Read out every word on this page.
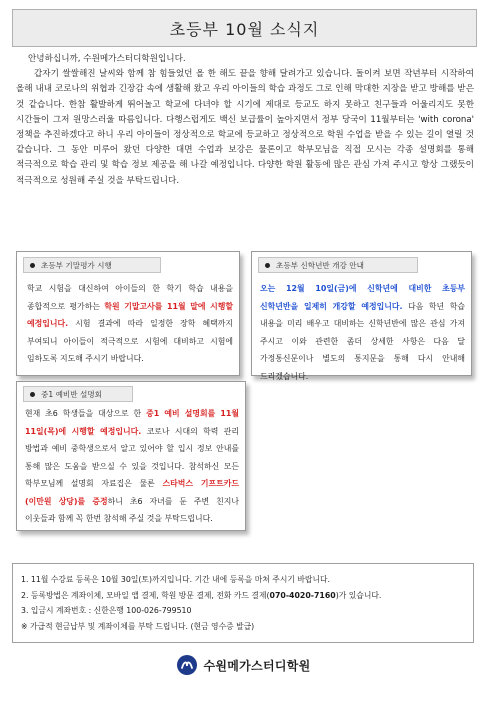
초등부 10월 소식지
안녕하십니까, 수원메가스터디학원입니다.
갑자기 쌀쌀해진 날씨와 함께 참 힘들었던 올 한 해도 끝을 향해 달려가고 있습니다. 돌이켜 보면 작년부터 시작하여 올해 내내 코로나의 위협과 긴장감 속에 생활해 왔고 우리 아이들의 학습 과정도 그로 인해 막대한 지장을 받고 방해를 받은 것 같습니다. 한참 활발하게 뛰어놀고 학교에 다녀야 할 시기에 제대로 등교도 하지 못하고 친구들과 어울리지도 못한 시간들이 그저 원망스러울 따름입니다. 다행스럽게도 백신 보급률이 높아지면서 정부 당국이 11월부터는 'with corona' 정책을 추진하겠다고 하니 우리 아이들이 정상적으로 학교에 등교하고 정상적으로 학원 수업을 받을 수 있는 길이 열릴 것 같습니다. 그 동안 미루어 왔던 다양한 대면 수업과 보강은 물론이고 학부모님을 직접 모시는 각종 설명회를 통해 적극적으로 학습 관리 및 학습 정보 제공을 해 나갈 예정입니다. 다양한 학원 활동에 많은 관심 가져 주시고 항상 그랬듯이 적극적으로 성원해 주실 것을 부탁드립니다.
초등부 기말평가 시행
학교 시험을 대신하여 아이들의 한 학기 학습 내용을 종합적으로 평가하는 학원 기말고사를 11월 말에 시행할 예정입니다. 시험 결과에 따라 일정한 장학 혜택까지 부여되니 아이들이 적극적으로 시험에 대비하고 시험에 임하도록 지도해 주시기 바랍니다.
초등부 신학년반 개강 안내
오는 12월 10일(금)에 신학년에 대비한 초등부 신학년반을 일제히 개강할 예정입니다. 다음 학년 학습 내용을 미리 배우고 대비하는 신학년반에 많은 관심 가져 주시고 이와 관련한 좀더 상세한 사항은 다음 달 가정통신문이나 별도의 통지문을 통해 다시 안내해 드리겠습니다.
중1 예비반 설명회
현재 초6 학생들을 대상으로 한 중1 예비 설명회를 11월 11일(목)에 시행할 예정입니다. 코로나 시대의 학력 관리 방법과 예비 중학생으로서 알고 있어야 할 입시 정보 안내를 통해 많은 도움을 받으실 수 있을 것입니다. 참석하신 모든 학부모님께 설명회 자료집은 물론 스타벅스 기프트카드(이만원 상당)를 증정하니 초6 자녀를 둔 주변 친지나 이웃들과 함께 꼭 한번 참석해 주실 것을 부탁드립니다.
1. 11월 수강료 등록은 10월 30일(토)까지입니다. 기간 내에 등록을 마쳐 주시기 바랍니다.
2. 등록방법은 계좌이체, 모바일 앱 결제, 학원 방문 결제, 전화 카드 결제(070-4020-7160)가 있습니다.
3. 입금시 계좌번호 : 신한은행 100-026-799510
※ 가급적 현금납부 및 계좌이체를 부탁 드립니다. (현금 영수증 발급)
수원메가스터디학원
